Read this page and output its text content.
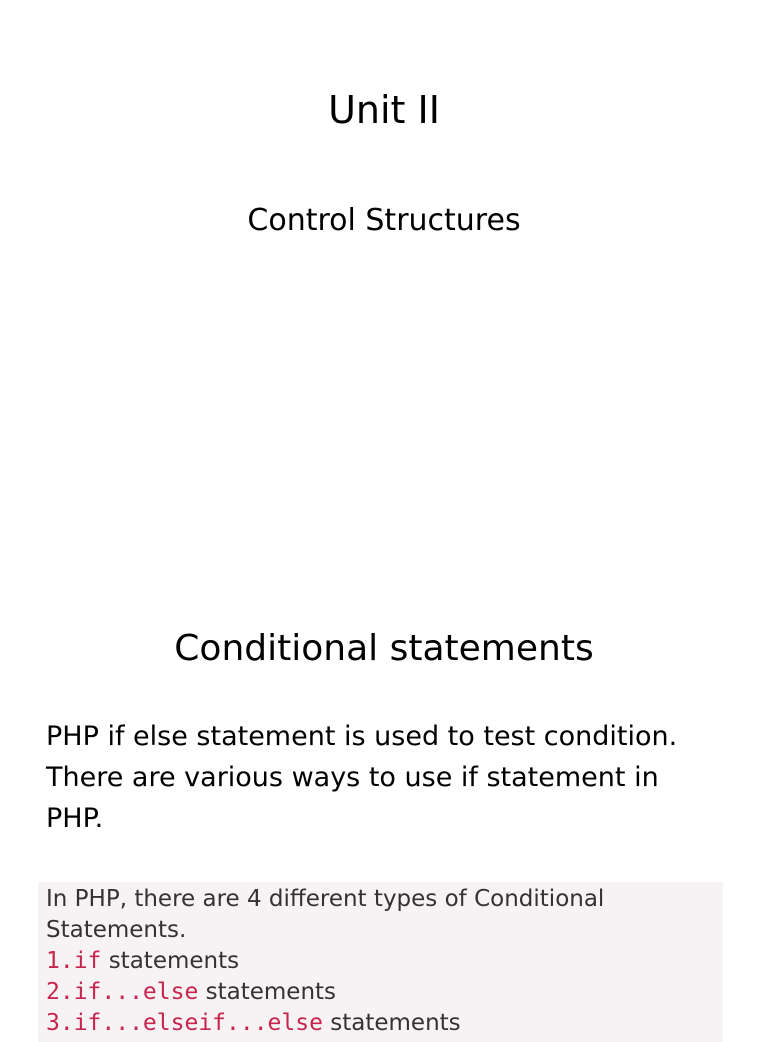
Unit II
Control Structures
Conditional statements
PHP if else statement is used to test condition.
There are various ways to use if statement in
PHP.
In PHP, there are 4 different types of Conditional
Statements.
1.if statements
2.if...else statements
3.if...elseif...else statements
